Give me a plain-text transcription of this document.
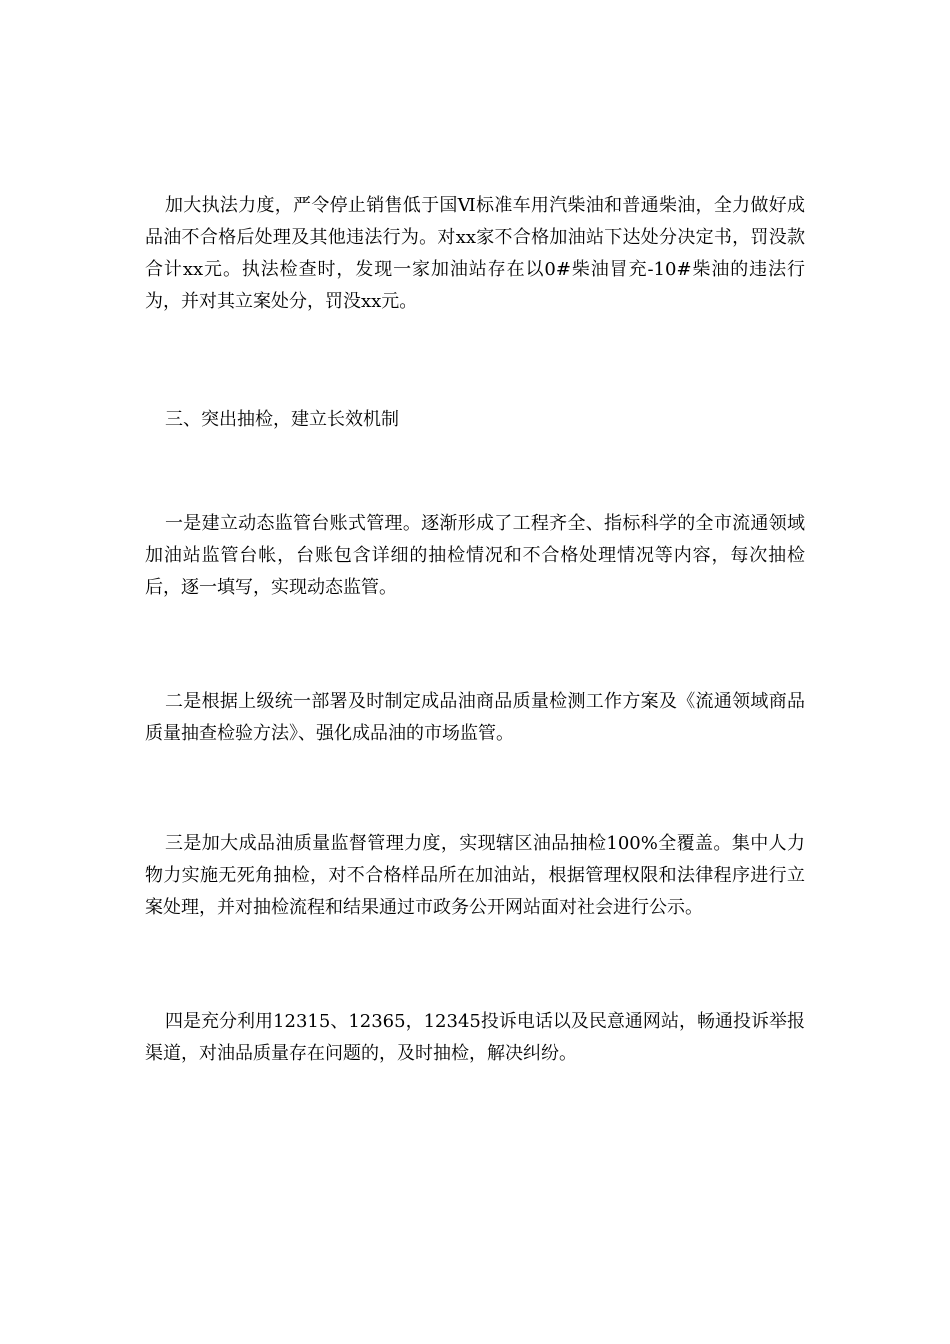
加大执法力度，严令停止销售低于国Ⅵ标准车用汽柴油和普通柴油，全力做好成品油不合格后处理及其他违法行为。对xx家不合格加油站下达处分决定书，罚没款合计xx元。执法检查时，发现一家加油站存在以0#柴油冒充-10#柴油的违法行为，并对其立案处分，罚没xx元。

三、突出抽检，建立长效机制

一是建立动态监管台账式管理。逐渐形成了工程齐全、指标科学的全市流通领域加油站监管台帐，台账包含详细的抽检情况和不合格处理情况等内容，每次抽检后，逐一填写，实现动态监管。

二是根据上级统一部署及时制定成品油商品质量检测工作方案及《流通领域商品质量抽查检验方法》、强化成品油的市场监管。

三是加大成品油质量监督管理力度，实现辖区油品抽检100%全覆盖。集中人力物力实施无死角抽检，对不合格样品所在加油站，根据管理权限和法律程序进行立案处理，并对抽检流程和结果通过市政务公开网站面对社会进行公示。

四是充分利用12315、12365，12345投诉电话以及民意通网站，畅通投诉举报渠道，对油品质量存在问题的，及时抽检，解决纠纷。
